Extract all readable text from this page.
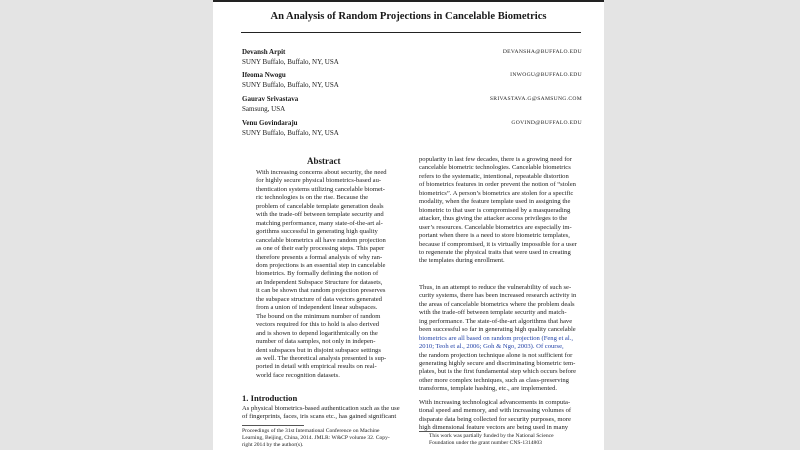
An Analysis of Random Projections in Cancelable Biometrics
Devansh Arpit
SUNY Buffalo, Buffalo, NY, USA
DEVANSHA@BUFFALO.EDU
Ifeoma Nwogu
SUNY Buffalo, Buffalo, NY, USA
INWOGU@BUFFALO.EDU
Gaurav Srivastava
Samsung, USA
SRIVASTAVA.G@SAMSUNG.COM
Venu Govindaraju
SUNY Buffalo, Buffalo, NY, USA
GOVIND@BUFFALO.EDU
Abstract
With increasing concerns about security, the need
for highly secure physical biometrics-based au-
thentication systems utilizing cancelable biomet-
ric technologies is on the rise. Because the
problem of cancelable template generation deals
with the trade-off between template security and
matching performance, many state-of-the-art al-
gorithms successful in generating high quality
cancelable biometrics all have random projection
as one of their early processing steps. This paper
therefore presents a formal analysis of why ran-
dom projections is an essential step in cancelable
biometrics. By formally defining the notion of
an Independent Subspace Structure for datasets,
it can be shown that random projection preserves
the subspace structure of data vectors generated
from a union of independent linear subspaces.
The bound on the minimum number of random
vectors required for this to hold is also derived
and is shown to depend logarithmically on the
number of data samples, not only in indepen-
dent subspaces but in disjoint subspace settings
as well. The theoretical analysis presented is sup-
ported in detail with empirical results on real-
world face recognition datasets.
1. Introduction
As physical biometrics-based authentication such as the use
of fingerprints, faces, iris scans etc., has gained significant
Proceedings of the 31st International Conference on Machine
Learning, Beijing, China, 2014. JMLR: W&CP volume 32. Copy-
right 2014 by the author(s).

popularity in last few decades, there is a growing need for
cancelable biometric technologies. Cancelable biometrics
refers to the systematic, intentional, repeatable distortion
of biometrics features in order prevent the notion of “stolen
biometrics”. A person’s biometrics are stolen for a specific
modality, when the feature template used in assigning the
biometric to that user is compromised by a masquerading
attacker, thus giving the attacker access privileges to the
user’s resources. Cancelable biometrics are especially im-
portant when there is a need to store biometric templates,
because if compromised, it is virtually impossible for a user
to regenerate the physical traits that were used in creating
the templates during enrollment.

Thus, in an attempt to reduce the vulnerability of such se-
curity systems, there has been increased research activity in
the areas of cancelable biometrics where the problem deals
with the trade-off between template security and match-
ing performance. The state-of-the-art algorithms that have
been successful so far in generating high quality cancelable
biometrics are all based on random projection (Feng et al.,
2010; Teoh et al., 2006; Goh & Ngo, 2003). Of course,
the random projection technique alone is not sufficient for
generating highly secure and discriminating biometric tem-
plates, but is the first fundamental step which occurs before
other more complex techniques, such as class-preserving
transforms, template hashing, etc., are implemented.

With increasing technological advancements in computa-
tional speed and memory, and with increasing volumes of
disparate data being collected for security purposes, more
high dimensional feature vectors are being used in many

This work was partially funded by the National Science
Foundation under the grant number CNS-1314803
